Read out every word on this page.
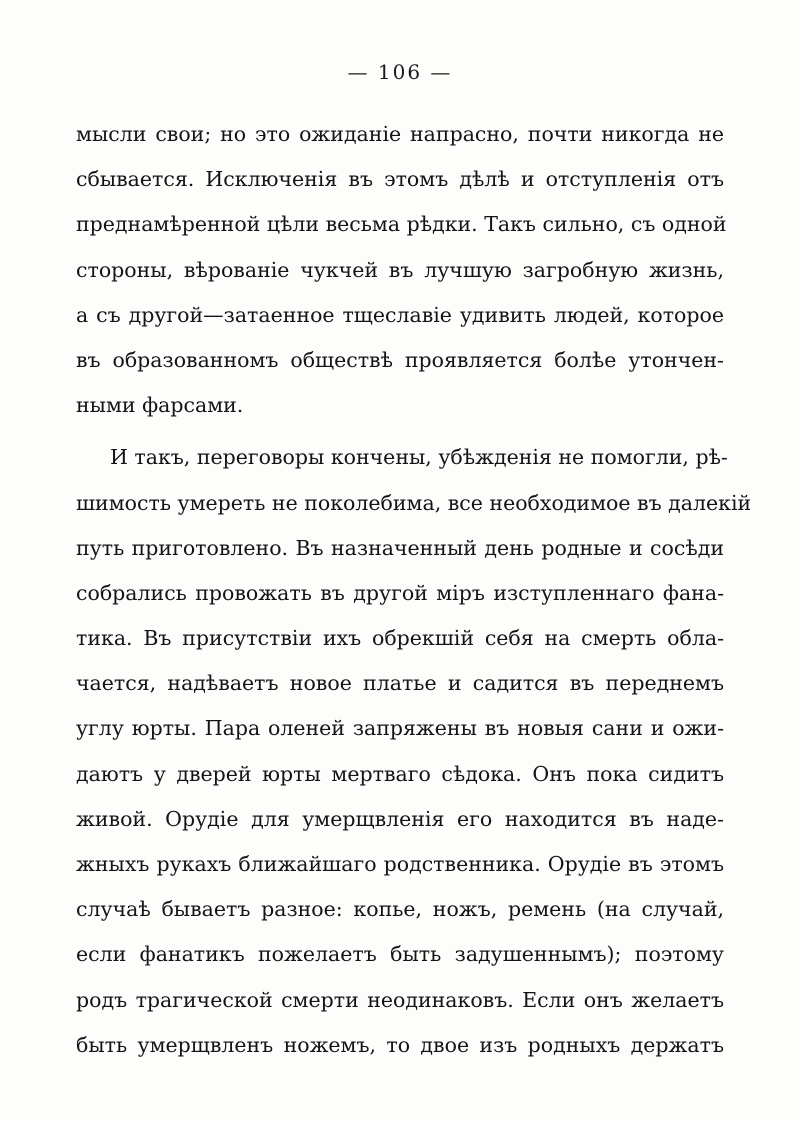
— 106 —
мысли свои; но это ожиданіе напрасно, почти никогда не
сбывается. Исключенія въ этомъ дѣлѣ и отступленія отъ
преднамѣренной цѣли весьма рѣдки. Такъ сильно, съ одной
стороны, вѣрованіе чукчей въ лучшую загробную жизнь,
а съ другой—затаенное тщеславіе удивить людей, которое
въ образованномъ обществѣ проявляется болѣе утончен-
ными фарсами.
И такъ, переговоры кончены, убѣжденія не помогли, рѣ-
шимость умереть не поколебима, все необходимое въ далекій
путь приготовлено. Въ назначенный день родные и сосѣди
собрались провожать въ другой міръ изступленнаго фана-
тика. Въ присутствіи ихъ обрекшій себя на смерть обла-
чается, надѣваетъ новое платье и садится въ переднемъ
углу юрты. Пара оленей запряжены въ новыя сани и ожи-
даютъ у дверей юрты мертваго сѣдока. Онъ пока сидитъ
живой. Орудіе для умерщвленія его находится въ наде-
жныхъ рукахъ ближайшаго родственника. Орудіе въ этомъ
случаѣ бываетъ разное: копье, ножъ, ремень (на случай,
если фанатикъ пожелаетъ быть задушеннымъ); поэтому
родъ трагической смерти неодинаковъ. Если онъ желаетъ
быть умерщвленъ ножемъ, то двое изъ родныхъ держатъ
